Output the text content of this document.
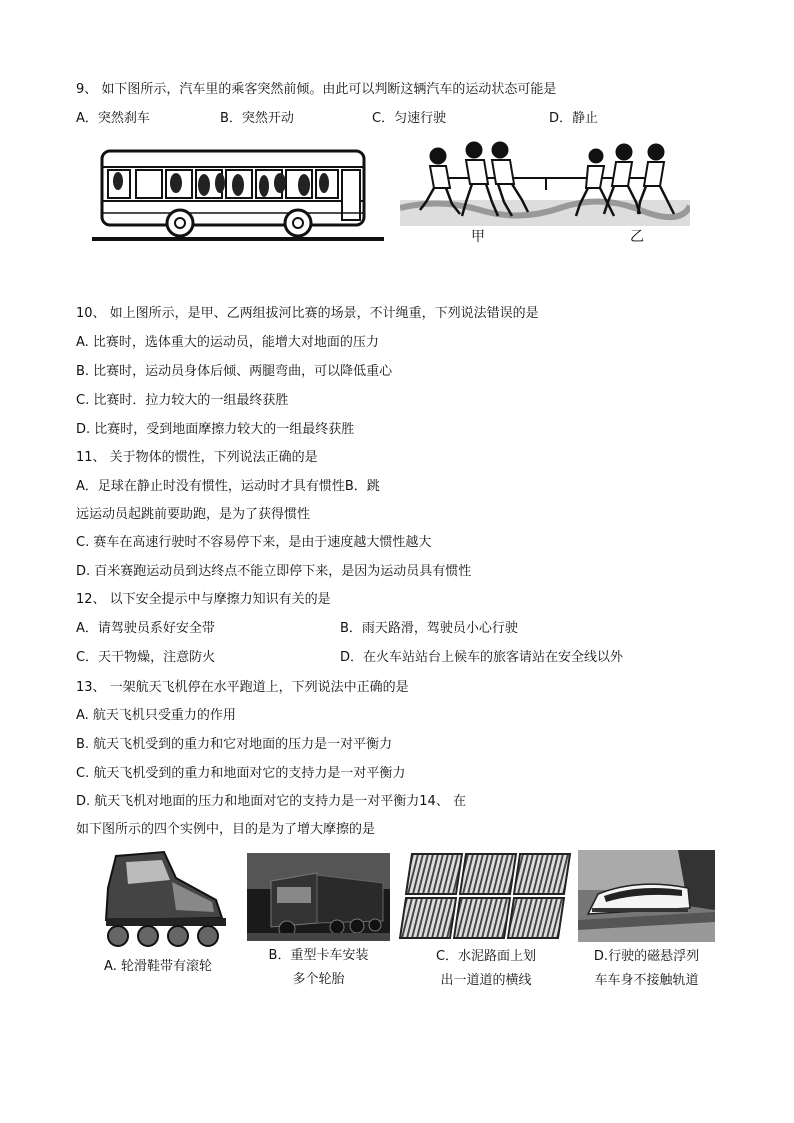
9、 如下图所示，汽车里的乘客突然前倾。由此可以判断这辆汽车的运动状态可能是
A．突然刹车	B．突然开动	C．匀速行驶	D．静止
甲	乙
10、 如上图所示，是甲、乙两组拔河比赛的场景，不计绳重，下列说法错误的是
A. 比赛时，选体重大的运动员，能增大对地面的压力
B. 比赛时，运动员身体后倾、两腿弯曲，可以降低重心
C. 比赛时．拉力较大的一组最终获胜
D. 比赛时，受到地面摩擦力较大的一组最终获胜
11、 关于物体的惯性，下列说法正确的是
A．足球在静止时没有惯性，运动时才具有惯性B．跳
远运动员起跳前要助跑，是为了获得惯性
C. 赛车在高速行驶时不容易停下来，是由于速度越大惯性越大
D. 百米赛跑运动员到达终点不能立即停下来，是因为运动员具有惯性
12、 以下安全提示中与摩擦力知识有关的是
A．请驾驶员系好安全带	B．雨天路滑，驾驶员小心行驶
C．天干物燥，注意防火	D．在火车站站台上候车的旅客请站在安全线以外
13、 一架航天飞机停在水平跑道上，下列说法中正确的是
A. 航天飞机只受重力的作用
B. 航天飞机受到的重力和它对地面的压力是一对平衡力
C. 航天飞机受到的重力和地面对它的支持力是一对平衡力
D. 航天飞机对地面的压力和地面对它的支持力是一对平衡力14、 在
如下图所示的四个实例中，目的是为了增大摩擦的是
A. 轮滑鞋带有滚轮
B．重型卡车安装
多个轮胎
C．水泥路面上划
出一道道的横线
D.行驶的磁悬浮列
车车身不接触轨道
